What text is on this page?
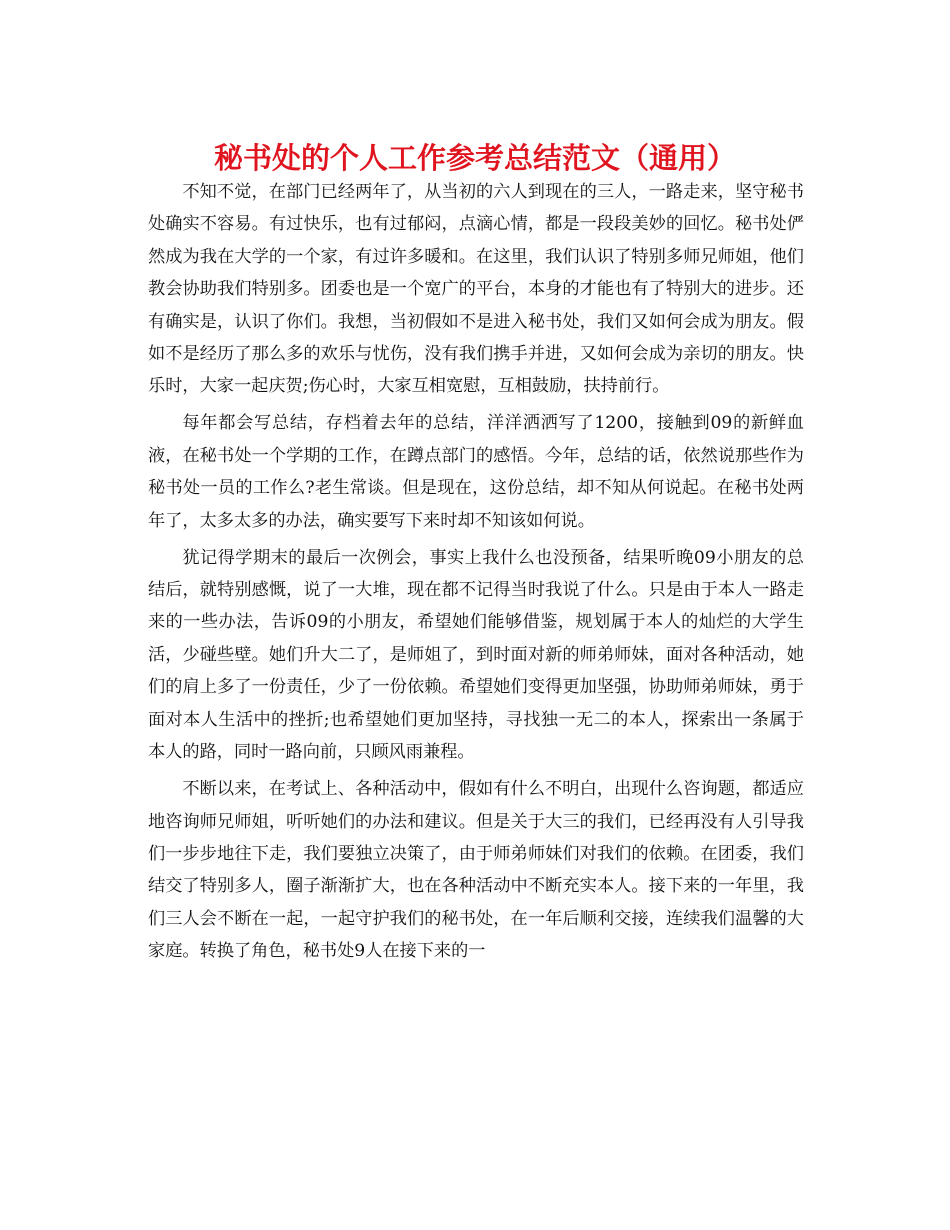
秘书处的个人工作参考总结范文（通用）

不知不觉，在部门已经两年了，从当初的六人到现在的三人，一路走来，坚守秘书处确实不容易。有过快乐，也有过郁闷，点滴心情，都是一段段美妙的回忆。秘书处俨然成为我在大学的一个家，有过许多暖和。在这里，我们认识了特别多师兄师姐，他们教会协助我们特别多。团委也是一个宽广的平台，本身的才能也有了特别大的进步。还有确实是，认识了你们。我想，当初假如不是进入秘书处，我们又如何会成为朋友。假如不是经历了那么多的欢乐与忧伤，没有我们携手并进，又如何会成为亲切的朋友。快乐时，大家一起庆贺;伤心时，大家互相宽慰，互相鼓励，扶持前行。

每年都会写总结，存档着去年的总结，洋洋洒洒写了1200，接触到09的新鲜血液，在秘书处一个学期的工作，在蹲点部门的感悟。今年，总结的话，依然说那些作为秘书处一员的工作么?老生常谈。但是现在，这份总结，却不知从何说起。在秘书处两年了，太多太多的办法，确实要写下来时却不知该如何说。

犹记得学期末的最后一次例会，事实上我什么也没预备，结果听晚09小朋友的总结后，就特别感慨，说了一大堆，现在都不记得当时我说了什么。只是由于本人一路走来的一些办法，告诉09的小朋友，希望她们能够借鉴，规划属于本人的灿烂的大学生活，少碰些壁。她们升大二了，是师姐了，到时面对新的师弟师妹，面对各种活动，她们的肩上多了一份责任，少了一份依赖。希望她们变得更加坚强，协助师弟师妹，勇于面对本人生活中的挫折;也希望她们更加坚持，寻找独一无二的本人，探索出一条属于本人的路，同时一路向前，只顾风雨兼程。

不断以来，在考试上、各种活动中，假如有什么不明白，出现什么咨询题，都适应地咨询师兄师姐，听听她们的办法和建议。但是关于大三的我们，已经再没有人引导我们一步步地往下走，我们要独立决策了，由于师弟师妹们对我们的依赖。在团委，我们结交了特别多人，圈子渐渐扩大，也在各种活动中不断充实本人。接下来的一年里，我们三人会不断在一起，一起守护我们的秘书处，在一年后顺利交接，连续我们温馨的大家庭。转换了角色，秘书处9人在接下来的一
